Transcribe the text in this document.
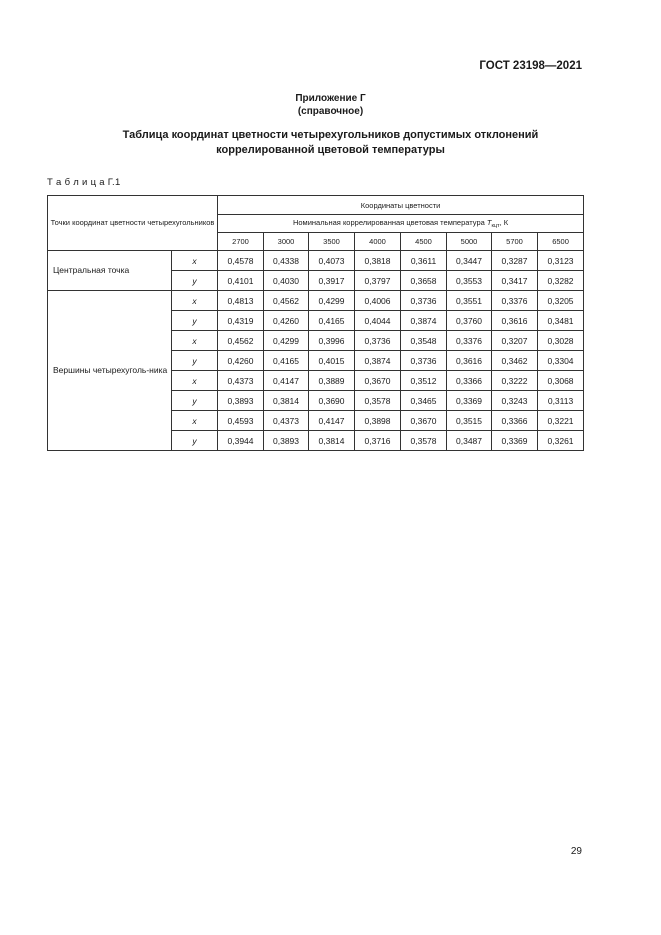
ГОСТ 23198—2021
Приложение Г
(справочное)
Таблица координат цветности четырехугольников допустимых отклонений
коррелированной цветовой температуры
Т а б л и ц а Г.1
Точки координат цветности четырехугольников		Координаты цветности							
		Номинальная коррелированная цветовая температура $T_{кцт}$, К							
		2700	3000	3500	4000	4500	5000	5700	6500
Центральная точка	x	0,4578	0,4338	0,4073	0,3818	0,3611	0,3447	0,3287	0,3123
	y	0,4101	0,4030	0,3917	0,3797	0,3658	0,3553	0,3417	0,3282
Вершины четырехуголь-ника	x	0,4813	0,4562	0,4299	0,4006	0,3736	0,3551	0,3376	0,3205
	y	0,4319	0,4260	0,4165	0,4044	0,3874	0,3760	0,3616	0,3481
	x	0,4562	0,4299	0,3996	0,3736	0,3548	0,3376	0,3207	0,3028
	y	0,4260	0,4165	0,4015	0,3874	0,3736	0,3616	0,3462	0,3304
	x	0,4373	0,4147	0,3889	0,3670	0,3512	0,3366	0,3222	0,3068
	y	0,3893	0,3814	0,3690	0,3578	0,3465	0,3369	0,3243	0,3113
	x	0,4593	0,4373	0,4147	0,3898	0,3670	0,3515	0,3366	0,3221
	y	0,3944	0,3893	0,3814	0,3716	0,3578	0,3487	0,3369	0,3261
29
